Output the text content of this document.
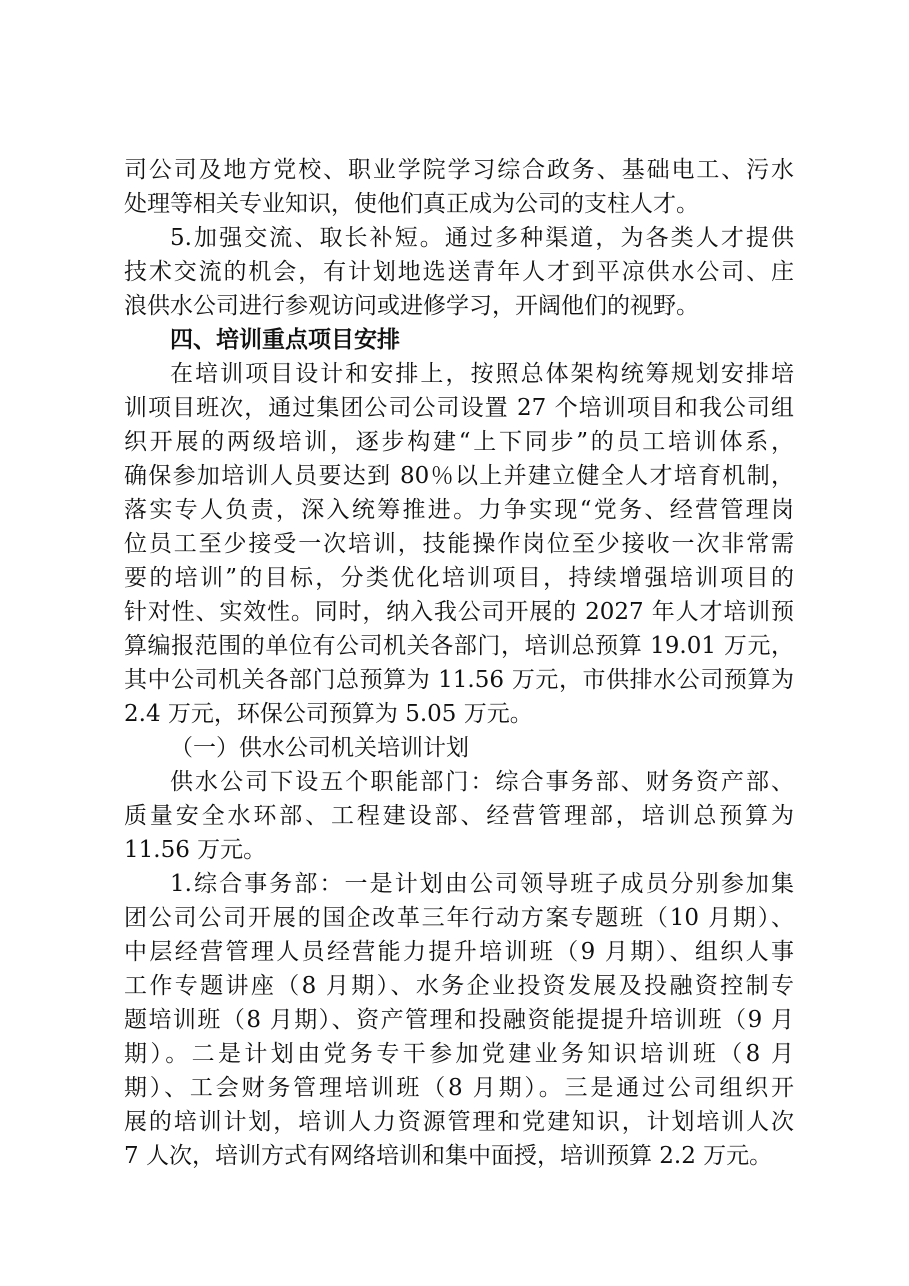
司公司及地方党校、职业学院学习综合政务、基础电工、污水
处理等相关专业知识，使他们真正成为公司的支柱人才。
5.加强交流、取长补短。通过多种渠道，为各类人才提供
技术交流的机会，有计划地选送青年人才到平凉供水公司、庄
浪供水公司进行参观访问或进修学习，开阔他们的视野。
四、培训重点项目安排
在培训项目设计和安排上，按照总体架构统筹规划安排培
训项目班次，通过集团公司公司设置 27 个培训项目和我公司组
织开展的两级培训，逐步构建“上下同步”的员工培训体系，
确保参加培训人员要达到 80％以上并建立健全人才培育机制，
落实专人负责，深入统筹推进。力争实现“党务、经营管理岗
位员工至少接受一次培训，技能操作岗位至少接收一次非常需
要的培训”的目标，分类优化培训项目，持续增强培训项目的
针对性、实效性。同时，纳入我公司开展的 2027 年人才培训预
算编报范围的单位有公司机关各部门，培训总预算 19.01 万元，
其中公司机关各部门总预算为 11.56 万元，市供排水公司预算为
2.4 万元，环保公司预算为 5.05 万元。
（一）供水公司机关培训计划
供水公司下设五个职能部门：综合事务部、财务资产部、
质量安全水环部、工程建设部、经营管理部，培训总预算为
11.56 万元。
1.综合事务部：一是计划由公司领导班子成员分别参加集
团公司公司开展的国企改革三年行动方案专题班（10 月期）、
中层经营管理人员经营能力提升培训班（9 月期）、组织人事
工作专题讲座（8 月期）、水务企业投资发展及投融资控制专
题培训班（8 月期）、资产管理和投融资能提提升培训班（9 月
期）。二是计划由党务专干参加党建业务知识培训班（8 月
期）、工会财务管理培训班（8 月期）。三是通过公司组织开
展的培训计划，培训人力资源管理和党建知识，计划培训人次
7 人次，培训方式有网络培训和集中面授，培训预算 2.2 万元。
